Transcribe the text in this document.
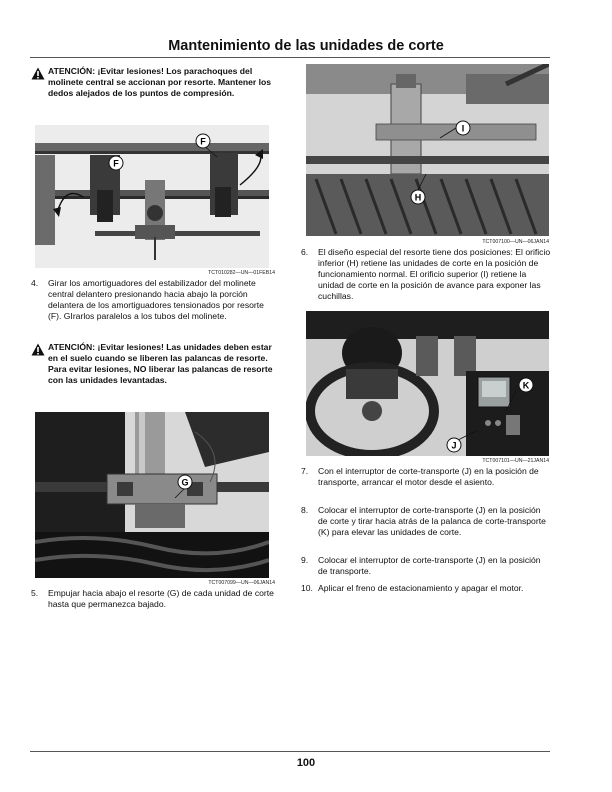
Mantenimiento de las unidades de corte
ATENCIÓN: ¡Evitar lesiones! Los parachoques del molinete central se accionan por resorte. Mantener los dedos alejados de los puntos de compresión.
F
F
TCT010282—UN—01FEB14
4. Girar los amortiguadores del estabilizador del molinete central delantero presionando hacia abajo la porción delantera de los amortiguadores tensionados por resorte (F). GIrarlos paralelos a los tubos del molinete.
ATENCIÓN: ¡Evitar lesiones! Las unidades deben estar en el suelo cuando se liberen las palancas de resorte. Para evitar lesiones, NO liberar las palancas de resorte con las unidades levantadas.
G
TCT007099—UN—06JAN14
5. Empujar hacia abajo el resorte (G) de cada unidad de corte hasta que permanezca bajado.
I
H
TCT007100—UN—06JAN14
6. El diseño especial del resorte tiene dos posiciones: El orificio inferior (H) retiene las unidades de corte en la posición de funcionamiento normal. El orificio superior (I) retiene la unidad de corte en la posición de avance para exponer las cuchillas.
K
J
TCT007101—UN—21JAN14
7. Con el interruptor de corte-transporte (J) en la posición de transporte, arrancar el motor desde el asiento.
8. Colocar el interruptor de corte-transporte (J) en la posición de corte y tirar hacia atrás de la palanca de corte-transporte (K) para elevar las unidades de corte.
9. Colocar el interruptor de corte-transporte (J) en la posición de transporte.
10. Aplicar el freno de estacionamiento y apagar el motor.
100
